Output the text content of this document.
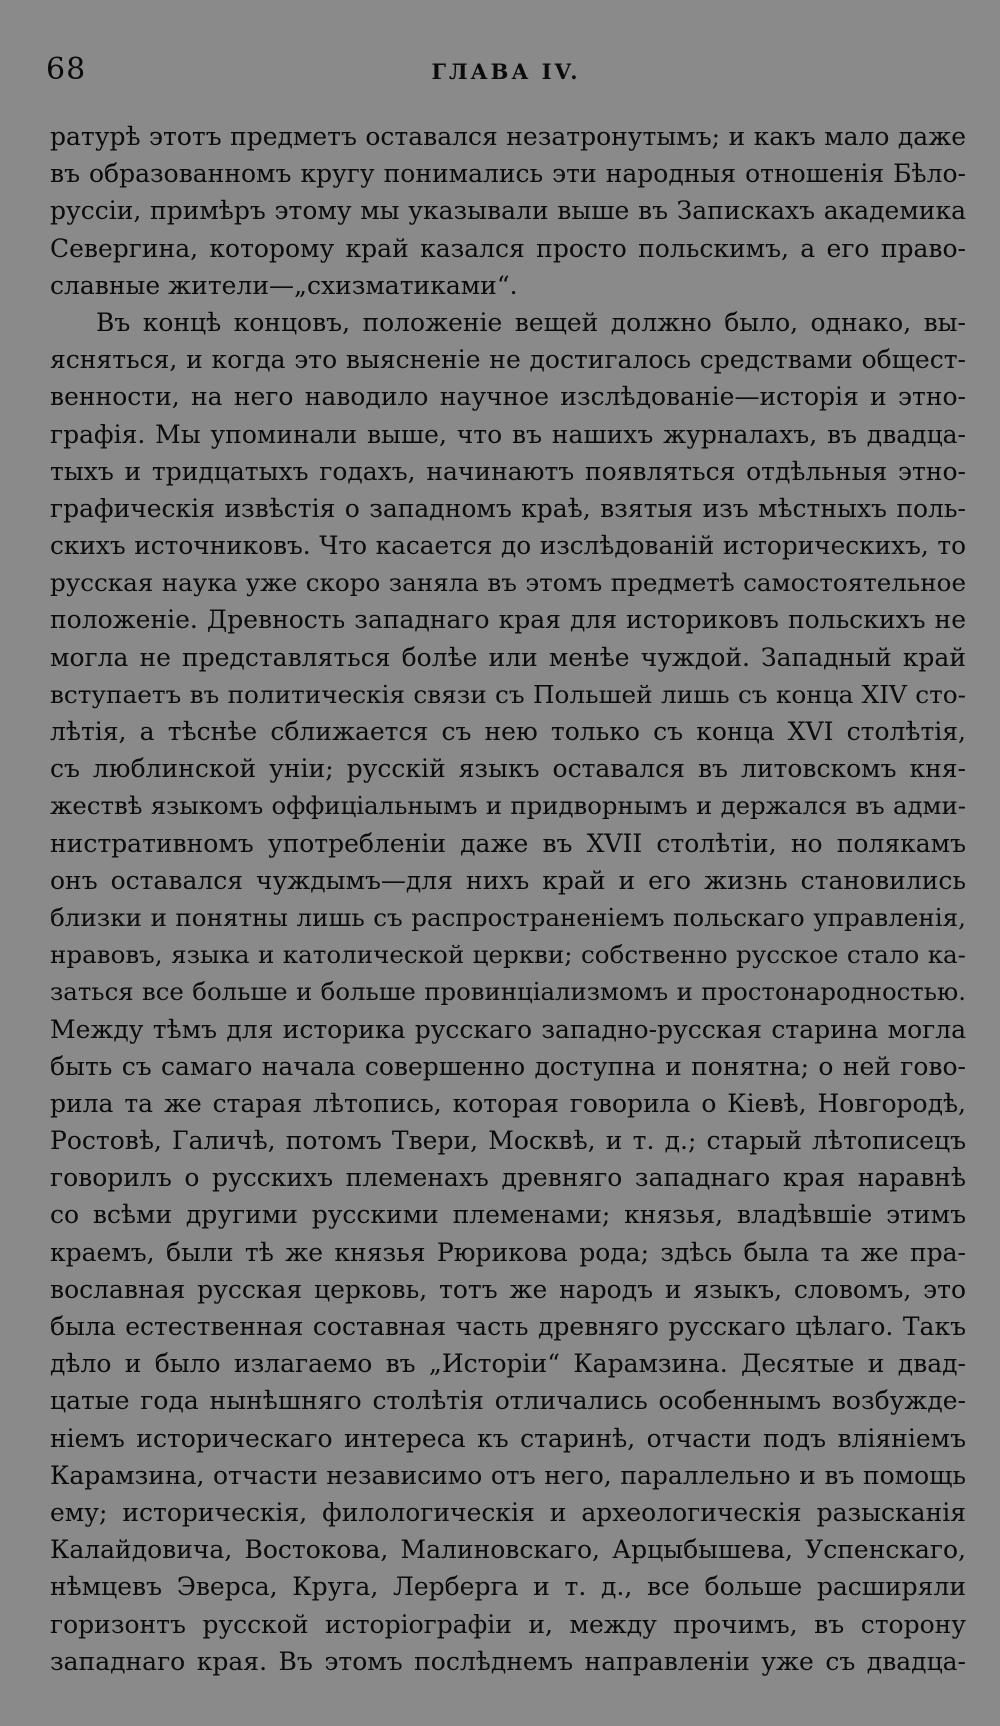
68	ГЛАВА IV.
ратурѣ этотъ предметъ оставался незатронутымъ; и какъ мало даже
въ образованномъ кругу понимались эти народныя отношенія Бѣло-
руссіи, примѣръ этому мы указывали выше въ Запискахъ академика
Севергина, которому край казался просто польскимъ, а его право-
славные жители—„схизматиками“.
Въ концѣ концовъ, положеніе вещей должно было, однако, вы-
ясняться, и когда это выясненіе не достигалось средствами общест-
венности, на него наводило научное изслѣдованіе—исторія и этно-
графія. Мы упоминали выше, что въ нашихъ журналахъ, въ двадца-
тыхъ и тридцатыхъ годахъ, начинаютъ появляться отдѣльныя этно-
графическія извѣстія о западномъ краѣ, взятыя изъ мѣстныхъ поль-
скихъ источниковъ. Что касается до изслѣдованій историческихъ, то
русская наука уже скоро заняла въ этомъ предметѣ самостоятельное
положеніе. Древность западнаго края для историковъ польскихъ не
могла не представляться болѣе или менѣе чуждой. Западный край
вступаетъ въ политическія связи съ Польшей лишь съ конца XIV сто-
лѣтія, а тѣснѣе сближается съ нею только съ конца XVI столѣтія,
съ люблинской уніи; русскій языкъ оставался въ литовскомъ кня-
жествѣ языкомъ оффиціальнымъ и придворнымъ и держался въ адми-
нистративномъ употребленіи даже въ XVII столѣтіи, но полякамъ
онъ оставался чуждымъ—для нихъ край и его жизнь становились
близки и понятны лишь съ распространеніемъ польскаго управленія,
нравовъ, языка и католической церкви; собственно русское стало ка-
заться все больше и больше провинціализмомъ и простонародностью.
Между тѣмъ для историка русскаго западно-русская старина могла
быть съ самаго начала совершенно доступна и понятна; о ней гово-
рила та же старая лѣтопись, которая говорила о Кіевѣ, Новгородѣ,
Ростовѣ, Галичѣ, потомъ Твери, Москвѣ, и т. д.; старый лѣтописецъ
говорилъ о русскихъ племенахъ древняго западнаго края наравнѣ
со всѣми другими русскими племенами; князья, владѣвшіе этимъ
краемъ, были тѣ же князья Рюрикова рода; здѣсь была та же пра-
вославная русская церковь, тотъ же народъ и языкъ, словомъ, это
была естественная составная часть древняго русскаго цѣлаго. Такъ
дѣло и было излагаемо въ „Исторіи“ Карамзина. Десятые и двад-
цатые года нынѣшняго столѣтія отличались особеннымъ возбужде-
ніемъ историческаго интереса къ старинѣ, отчасти подъ вліяніемъ
Карамзина, отчасти независимо отъ него, параллельно и въ помощь
ему; историческія, филологическія и археологическія разысканія
Калайдовича, Востокова, Малиновскаго, Арцыбышева, Успенскаго,
нѣмцевъ Эверса, Круга, Лерберга и т. д., все больше расширяли
горизонтъ русской исторіографіи и, между прочимъ, въ сторону
западнаго края. Въ этомъ послѣднемъ направленіи уже съ двадца-
